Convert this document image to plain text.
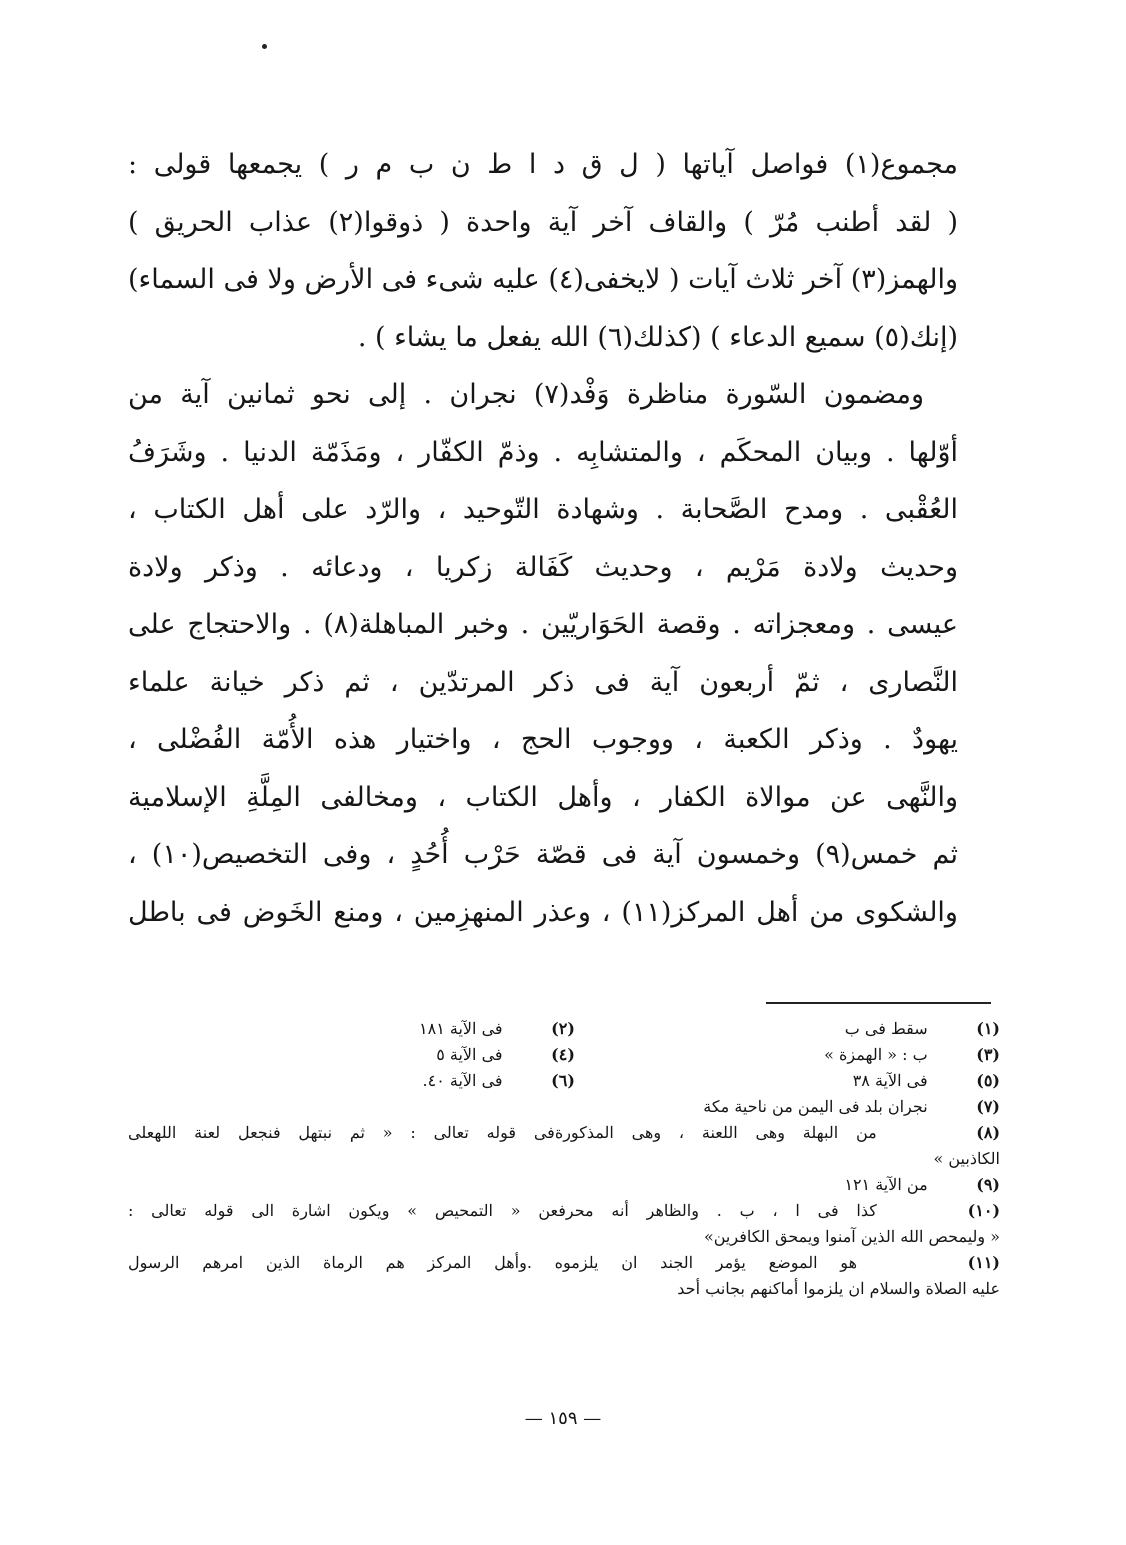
مجموع(١) فواصل آياتها ( ل ق د ا ط ن ب م ر ) يجمعها قولى :
( لقد أطنب مُرّ ) والقاف آخر آية واحدة ( ذوقوا(٢) عذاب الحريق )
والهمز(٣) آخر ثلاث آيات ( لايخفى(٤) عليه شىء فى الأرض ولا فى السماء)
(إنك(٥) سميع الدعاء ) (كذلك(٦) الله يفعل ما يشاء ) .
ومضمون السّورة مناظرة وَفْد(٧) نجران . إلى نحو ثمانين آية من
أوّلها . وبيان المحكَم ، والمتشابِه . وذمّ الكفّار ، ومَذَمّة الدنيا . وشَرَفُ
العُقْبى . ومدح الصَّحابة . وشهادة التّوحيد ، والرّد على أهل الكتاب ،
وحديث ولادة مَرْيم ، وحديث كَفَالة زكريا ، ودعائه . وذكر ولادة
عيسى . ومعجزاته . وقصة الحَوَاريّين . وخبر المباهلة(٨) . والاحتجاج على
النَّصارى ، ثمّ أربعون آية فى ذكر المرتدّين ، ثم ذكر خيانة علماء
يهودٌ . وذكر الكعبة ، ووجوب الحج ، واختيار هذه الأُمّة الفُضْلى ،
والنَّهى عن موالاة الكفار ، وأهل الكتاب ، ومخالفى المِلَّةِ الإسلامية
ثم خمس(٩) وخمسون آية فى قصّة حَرْب أُحُدٍ ، وفى التخصيص(١٠) ،
والشكوى من أهل المركز(١١) ، وعذر المنهزِمين ، ومنع الخَوض فى باطل
(١)    سقط فى ب (٢)    فى الآية ١٨١
(٣)    ب : « الهمزة » (٤)    فى الآية ٥
(٥)    فى الآية ٣٨ (٦)    فى الآية ٤٠.
(٧)    نجران بلد فى اليمن من ناحية مكة
(٨)    من البهلة وهى اللعنة ، وهى المذكورةفى قوله تعالى : « ثم نبتهل فنجعل لعنة اللهعلى
الكاذبين »
(٩)    من الآية ١٢١
(١٠)    كذا فى ا ، ب . والظاهر أنه محرفعن « التمحيص » ويكون اشارة الى قوله تعالى :
« وليمحص الله الذين آمنوا ويمحق الكافرين»
(١١)    هو الموضع يؤمر الجند ان يلزموه .وأهل المركز هم الرماة الذين امرهم الرسول
عليه الصلاة والسلام ان يلزموا أماكنهم بجانب أحد
— ١٥٩ —
